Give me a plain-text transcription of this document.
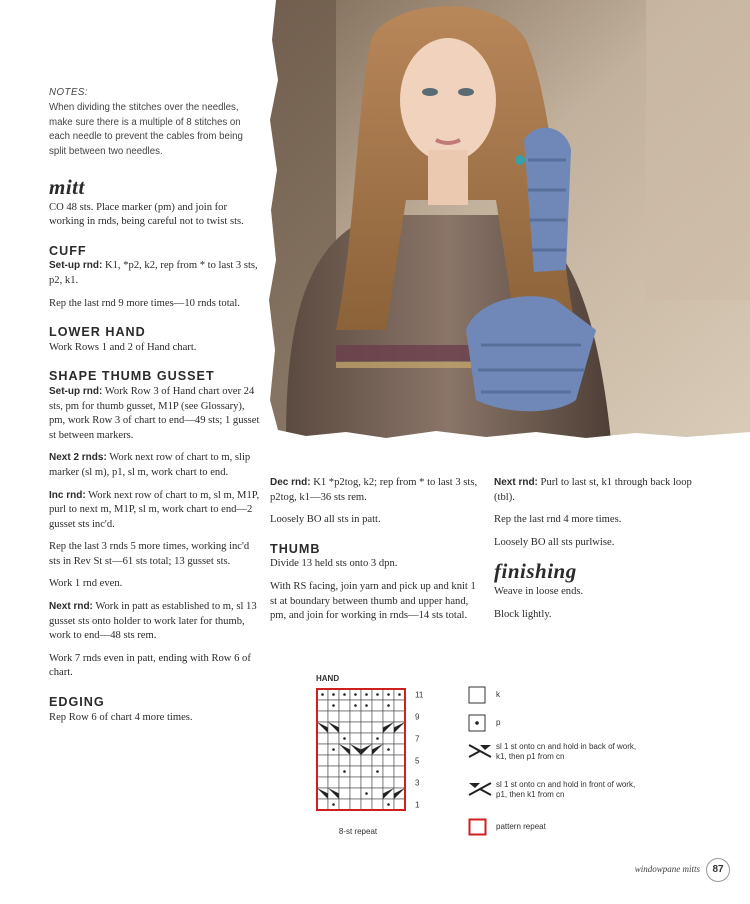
NOTES:
When dividing the stitches over the needles, make sure there is a multiple of 8 stitches on each needle to prevent the cables from being split between two needles.
mitt

CO 48 sts. Place marker (pm) and join for working in rnds, being careful not to twist sts.

CUFF

Set-up rnd: K1, *p2, k2, rep from * to last 3 sts, p2, k1.

Rep the last rnd 9 more times—10 rnds total.

LOWER HAND

Work Rows 1 and 2 of Hand chart.

SHAPE THUMB GUSSET

Set-up rnd: Work Row 3 of Hand chart over 24 sts, pm for thumb gusset, M1P (see Glossary), pm, work Row 3 of chart to end—49 sts; 1 gusset st between markers.

Next 2 rnds: Work next row of chart to m, slip marker (sl m), p1, sl m, work chart to end.

Inc rnd: Work next row of chart to m, sl m, M1P, purl to next m, M1P, sl m, work chart to end—2 gusset sts inc'd.

Rep the last 3 rnds 5 more times, working inc'd sts in Rev St st—61 sts total; 13 gusset sts.

Work 1 rnd even.

Next rnd: Work in patt as established to m, sl 13 gusset sts onto holder to work later for thumb, work to end—48 sts rem.

Work 7 rnds even in patt, ending with Row 6 of chart.

EDGING

Rep Row 6 of chart 4 more times.

Dec rnd: K1 *p2tog, k2; rep from * to last 3 sts, p2tog, k1—36 sts rem.

Loosely BO all sts in patt.

THUMB

Divide 13 held sts onto 3 dpn.

With RS facing, join yarn and pick up and knit 1 st at boundary between thumb and upper hand, pm, and join for working in rnds—14 sts total.

Next rnd: Purl to last st, k1 through back loop (tbl).

Rep the last rnd 4 more times.

Loosely BO all sts purlwise.

finishing

Weave in loose ends.

Block lightly.

HAND
11
9
7
5
3
1
8-st repeat
k
p
sl 1 st onto cn and hold in back of work, k1, then p1 from cn
sl 1 st onto cn and hold in front of work, p1, then k1 from cn
pattern repeat
windowpane mitts 87
